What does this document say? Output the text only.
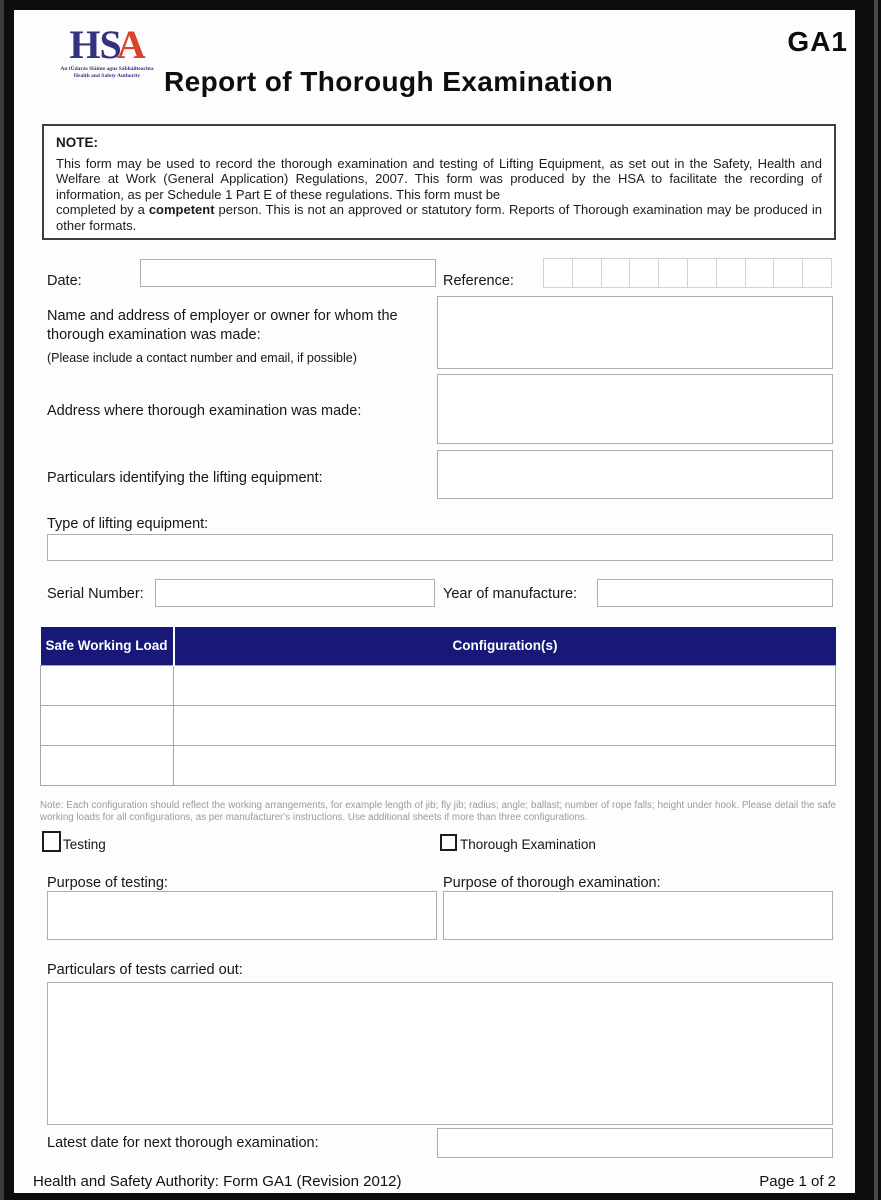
HSA
An tÚdarás Sláinte agus Sábháilteachta
Health and Safety Authority Report of Thorough Examination
GA1
NOTE:

This form may be used to record the thorough examination and testing of Lifting Equipment, as set out in the Safety, Health and Welfare at Work (General Application) Regulations, 2007. This form was produced by the HSA to facilitate the recording of information, as per Schedule 1 Part E of these regulations. This form must be
completed by a competent person. This is not an approved or statutory form. Reports of Thorough examination may be produced in other formats.

Date:	Reference:
Name and address of employer or owner for whom the thorough examination was made:
(Please include a contact number and email, if possible)
Address where thorough examination was made:
Particulars identifying the lifting equipment:
Type of lifting equipment:
Serial Number:	Year of manufacture:
Safe Working Load	Configuration(s)

Note: Each configuration should reflect the working arrangements, for example length of jib; fly jib; radius; angle; ballast; number of rope falls; height under hook. Please detail the safe working loads for all configurations, as per manufacturer's instructions. Use additional sheets if more than three configurations.
Testing	Thorough Examination
Purpose of testing:	Purpose of thorough examination:
Particulars of tests carried out:
Latest date for next thorough examination:
Health and Safety Authority: Form GA1 (Revision 2012)	Page 1 of 2
